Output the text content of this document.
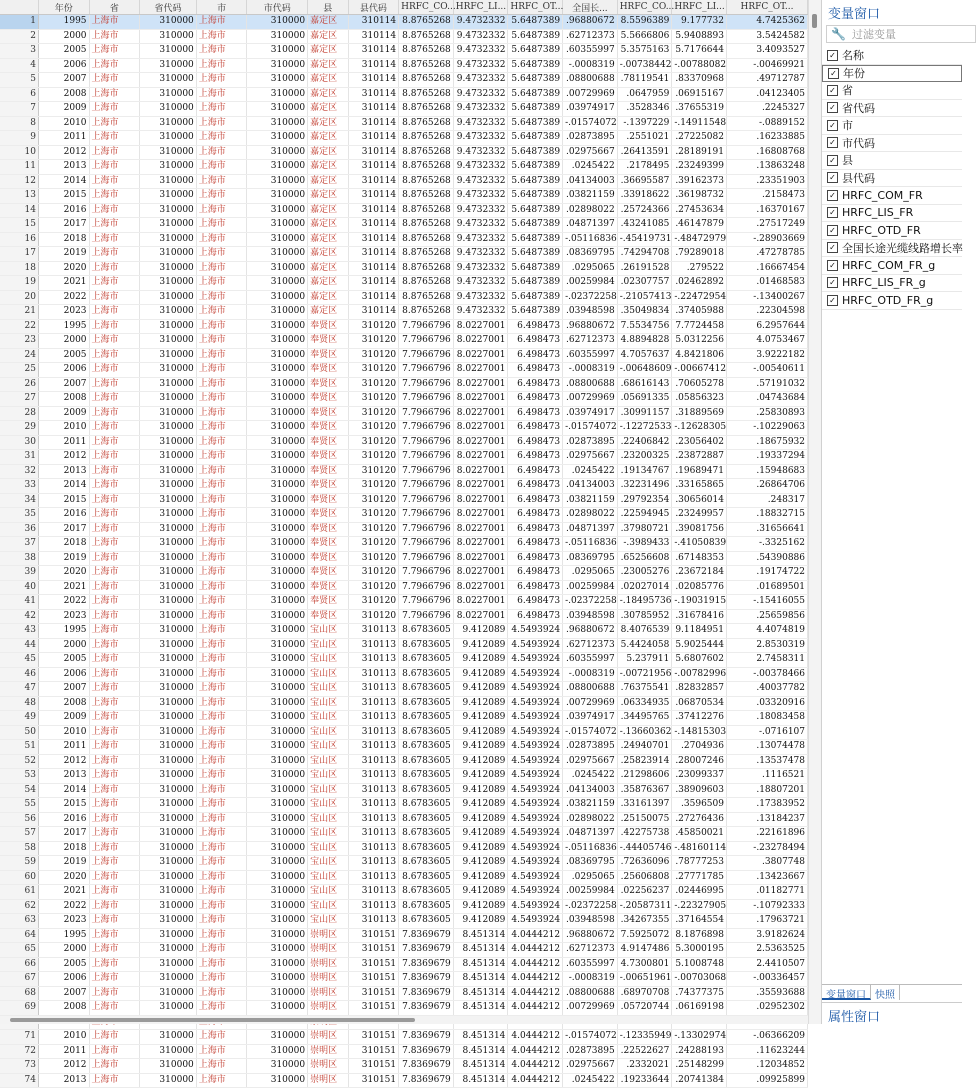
	年份	省	省代码	市	市代码	县	县代码	HRFC_CO...	HRFC_LI...	HRFC_OT...	全国长...	HRFC_CO...	HRFC_LI...	HRFC_OT...
1	1995	上海市	310000	上海市	310000	嘉定区	310114	8.8765268	9.4732332	5.6487389	.96880672	8.5596389	9.177732	4.7425362
2	2000	上海市	310000	上海市	310000	嘉定区	310114	8.8765268	9.4732332	5.6487389	.62712373	5.5666806	5.9408893	3.5424582
3	2005	上海市	310000	上海市	310000	嘉定区	310114	8.8765268	9.4732332	5.6487389	.60355997	5.3575163	5.7176644	3.4093527
4	2006	上海市	310000	上海市	310000	嘉定区	310114	8.8765268	9.4732332	5.6487389	-.0008319	-.00738442	-.00788082	-.00469921
5	2007	上海市	310000	上海市	310000	嘉定区	310114	8.8765268	9.4732332	5.6487389	.08800688	.78119541	.83370968	.49712787
6	2008	上海市	310000	上海市	310000	嘉定区	310114	8.8765268	9.4732332	5.6487389	.00729969	.0647959	.06915167	.04123405
7	2009	上海市	310000	上海市	310000	嘉定区	310114	8.8765268	9.4732332	5.6487389	.03974917	.3528346	.37655319	.2245327
8	2010	上海市	310000	上海市	310000	嘉定区	310114	8.8765268	9.4732332	5.6487389	-.01574072	-.1397229	-.14911548	-.0889152
9	2011	上海市	310000	上海市	310000	嘉定区	310114	8.8765268	9.4732332	5.6487389	.02873895	.2551021	.27225082	.16233885
10	2012	上海市	310000	上海市	310000	嘉定区	310114	8.8765268	9.4732332	5.6487389	.02975667	.26413591	.28189191	.16808768
11	2013	上海市	310000	上海市	310000	嘉定区	310114	8.8765268	9.4732332	5.6487389	.0245422	.2178495	.23249399	.13863248
12	2014	上海市	310000	上海市	310000	嘉定区	310114	8.8765268	9.4732332	5.6487389	.04134003	.36695587	.39162373	.23351903
13	2015	上海市	310000	上海市	310000	嘉定区	310114	8.8765268	9.4732332	5.6487389	.03821159	.33918622	.36198732	.2158473
14	2016	上海市	310000	上海市	310000	嘉定区	310114	8.8765268	9.4732332	5.6487389	.02898022	.25724366	.27453634	.16370167
15	2017	上海市	310000	上海市	310000	嘉定区	310114	8.8765268	9.4732332	5.6487389	.04871397	.43241085	.46147879	.27517249
16	2018	上海市	310000	上海市	310000	嘉定区	310114	8.8765268	9.4732332	5.6487389	-.05116836	-.45419731	-.48472979	-.28903669
17	2019	上海市	310000	上海市	310000	嘉定区	310114	8.8765268	9.4732332	5.6487389	.08369795	.74294708	.79289018	.47278785
18	2020	上海市	310000	上海市	310000	嘉定区	310114	8.8765268	9.4732332	5.6487389	.0295065	.26191528	.279522	.16667454
19	2021	上海市	310000	上海市	310000	嘉定区	310114	8.8765268	9.4732332	5.6487389	.00259984	.02307757	.02462892	.01468583
20	2022	上海市	310000	上海市	310000	嘉定区	310114	8.8765268	9.4732332	5.6487389	-.02372258	-.21057413	-.22472954	-.13400267
21	2023	上海市	310000	上海市	310000	嘉定区	310114	8.8765268	9.4732332	5.6487389	.03948598	.35049834	.37405988	.22304598
22	1995	上海市	310000	上海市	310000	奉贤区	310120	7.7966796	8.0227001	6.498473	.96880672	7.5534756	7.7724458	6.2957644
23	2000	上海市	310000	上海市	310000	奉贤区	310120	7.7966796	8.0227001	6.498473	.62712373	4.8894828	5.0312256	4.0753467
24	2005	上海市	310000	上海市	310000	奉贤区	310120	7.7966796	8.0227001	6.498473	.60355997	4.7057637	4.8421806	3.9222182
25	2006	上海市	310000	上海市	310000	奉贤区	310120	7.7966796	8.0227001	6.498473	-.0008319	-.00648609	-.00667412	-.00540611
26	2007	上海市	310000	上海市	310000	奉贤区	310120	7.7966796	8.0227001	6.498473	.08800688	.68616143	.70605278	.57191032
27	2008	上海市	310000	上海市	310000	奉贤区	310120	7.7966796	8.0227001	6.498473	.00729969	.05691335	.05856323	.04743684
28	2009	上海市	310000	上海市	310000	奉贤区	310120	7.7966796	8.0227001	6.498473	.03974917	.30991157	.31889569	.25830893
29	2010	上海市	310000	上海市	310000	奉贤区	310120	7.7966796	8.0227001	6.498473	-.01574072	-.12272533	-.12628305	-.10229063
30	2011	上海市	310000	上海市	310000	奉贤区	310120	7.7966796	8.0227001	6.498473	.02873895	.22406842	.23056402	.18675932
31	2012	上海市	310000	上海市	310000	奉贤区	310120	7.7966796	8.0227001	6.498473	.02975667	.23200325	.23872887	.19337294
32	2013	上海市	310000	上海市	310000	奉贤区	310120	7.7966796	8.0227001	6.498473	.0245422	.19134767	.19689471	.15948683
33	2014	上海市	310000	上海市	310000	奉贤区	310120	7.7966796	8.0227001	6.498473	.04134003	.32231496	.33165865	.26864706
34	2015	上海市	310000	上海市	310000	奉贤区	310120	7.7966796	8.0227001	6.498473	.03821159	.29792354	.30656014	.248317
35	2016	上海市	310000	上海市	310000	奉贤区	310120	7.7966796	8.0227001	6.498473	.02898022	.22594945	.23249957	.18832715
36	2017	上海市	310000	上海市	310000	奉贤区	310120	7.7966796	8.0227001	6.498473	.04871397	.37980721	.39081756	.31656641
37	2018	上海市	310000	上海市	310000	奉贤区	310120	7.7966796	8.0227001	6.498473	-.05116836	-.3989433	-.41050839	-.3325162
38	2019	上海市	310000	上海市	310000	奉贤区	310120	7.7966796	8.0227001	6.498473	.08369795	.65256608	.67148353	.54390886
39	2020	上海市	310000	上海市	310000	奉贤区	310120	7.7966796	8.0227001	6.498473	.0295065	.23005276	.23672184	.19174722
40	2021	上海市	310000	上海市	310000	奉贤区	310120	7.7966796	8.0227001	6.498473	.00259984	.02027014	.02085776	.01689501
41	2022	上海市	310000	上海市	310000	奉贤区	310120	7.7966796	8.0227001	6.498473	-.02372258	-.18495736	-.19031915	-.15416055
42	2023	上海市	310000	上海市	310000	奉贤区	310120	7.7966796	8.0227001	6.498473	.03948598	.30785952	.31678416	.25659856
43	1995	上海市	310000	上海市	310000	宝山区	310113	8.6783605	9.412089	4.5493924	.96880672	8.4076539	9.1184951	4.4074819
44	2000	上海市	310000	上海市	310000	宝山区	310113	8.6783605	9.412089	4.5493924	.62712373	5.4424058	5.9025444	2.8530319
45	2005	上海市	310000	上海市	310000	宝山区	310113	8.6783605	9.412089	4.5493924	.60355997	5.237911	5.6807602	2.7458311
46	2006	上海市	310000	上海市	310000	宝山区	310113	8.6783605	9.412089	4.5493924	-.0008319	-.00721956	-.00782996	-.00378466
47	2007	上海市	310000	上海市	310000	宝山区	310113	8.6783605	9.412089	4.5493924	.08800688	.76375541	.82832857	.40037782
48	2008	上海市	310000	上海市	310000	宝山区	310113	8.6783605	9.412089	4.5493924	.00729969	.06334935	.06870534	.03320916
49	2009	上海市	310000	上海市	310000	宝山区	310113	8.6783605	9.412089	4.5493924	.03974917	.34495765	.37412276	.18083458
50	2010	上海市	310000	上海市	310000	宝山区	310113	8.6783605	9.412089	4.5493924	-.01574072	-.13660362	-.14815303	-.0716107
51	2011	上海市	310000	上海市	310000	宝山区	310113	8.6783605	9.412089	4.5493924	.02873895	.24940701	.2704936	.13074478
52	2012	上海市	310000	上海市	310000	宝山区	310113	8.6783605	9.412089	4.5493924	.02975667	.25823914	.28007246	.13537478
53	2013	上海市	310000	上海市	310000	宝山区	310113	8.6783605	9.412089	4.5493924	.0245422	.21298606	.23099337	.1116521
54	2014	上海市	310000	上海市	310000	宝山区	310113	8.6783605	9.412089	4.5493924	.04134003	.35876367	.38909603	.18807201
55	2015	上海市	310000	上海市	310000	宝山区	310113	8.6783605	9.412089	4.5493924	.03821159	.33161397	.3596509	.17383952
56	2016	上海市	310000	上海市	310000	宝山区	310113	8.6783605	9.412089	4.5493924	.02898022	.25150075	.27276436	.13184237
57	2017	上海市	310000	上海市	310000	宝山区	310113	8.6783605	9.412089	4.5493924	.04871397	.42275738	.45850021	.22161896
58	2018	上海市	310000	上海市	310000	宝山区	310113	8.6783605	9.412089	4.5493924	-.05116836	-.44405746	-.48160114	-.23278494
59	2019	上海市	310000	上海市	310000	宝山区	310113	8.6783605	9.412089	4.5493924	.08369795	.72636096	.78777253	.3807748
60	2020	上海市	310000	上海市	310000	宝山区	310113	8.6783605	9.412089	4.5493924	.0295065	.25606808	.27771785	.13423667
61	2021	上海市	310000	上海市	310000	宝山区	310113	8.6783605	9.412089	4.5493924	.00259984	.02256237	.02446995	.01182771
62	2022	上海市	310000	上海市	310000	宝山区	310113	8.6783605	9.412089	4.5493924	-.02372258	-.20587311	-.22327905	-.10792333
63	2023	上海市	310000	上海市	310000	宝山区	310113	8.6783605	9.412089	4.5493924	.03948598	.34267355	.37164554	.17963721
64	1995	上海市	310000	上海市	310000	崇明区	310151	7.8369679	8.451314	4.0444212	.96880672	7.5925072	8.1876898	3.9182624
65	2000	上海市	310000	上海市	310000	崇明区	310151	7.8369679	8.451314	4.0444212	.62712373	4.9147486	5.3000195	2.5363525
66	2005	上海市	310000	上海市	310000	崇明区	310151	7.8369679	8.451314	4.0444212	.60355997	4.7300801	5.1008748	2.4410507
67	2006	上海市	310000	上海市	310000	崇明区	310151	7.8369679	8.451314	4.0444212	-.0008319	-.00651961	-.00703068	-.00336457
68	2007	上海市	310000	上海市	310000	崇明区	310151	7.8369679	8.451314	4.0444212	.08800688	.68970708	.74377375	.35593688
69	2008	上海市	310000	上海市	310000	崇明区	310151	7.8369679	8.451314	4.0444212	.00729969	.05720744	.06169198	.02952302

71	2010	上海市	310000	上海市	310000	崇明区	310151	7.8369679	8.451314	4.0444212	-.01574072	-.12335949	-.13302974	-.06366209
72	2011	上海市	310000	上海市	310000	崇明区	310151	7.8369679	8.451314	4.0444212	.02873895	.22522627	.24288193	.11623244
73	2012	上海市	310000	上海市	310000	崇明区	310151	7.8369679	8.451314	4.0444212	.02975667	.2332021	.25148299	.12034852
74	2013	上海市	310000	上海市	310000	崇明区	310151	7.8369679	8.451314	4.0444212	.0245422	.19233644	.20741384	.09925899
变量窗口
🔧 过滤变量
✓ 名称
✓ 年份
✓ 省
✓ 省代码
✓ 市
✓ 市代码
✓ 县
✓ 县代码
✓ HRFC_COM_FR
✓ HRFC_LIS_FR
✓ HRFC_OTD_FR
✓ 全国长途光缆线路增长率
✓ HRFC_COM_FR_g
✓ HRFC_LIS_FR_g
✓ HRFC_OTD_FR_g
变量窗口 快照
属性窗口
